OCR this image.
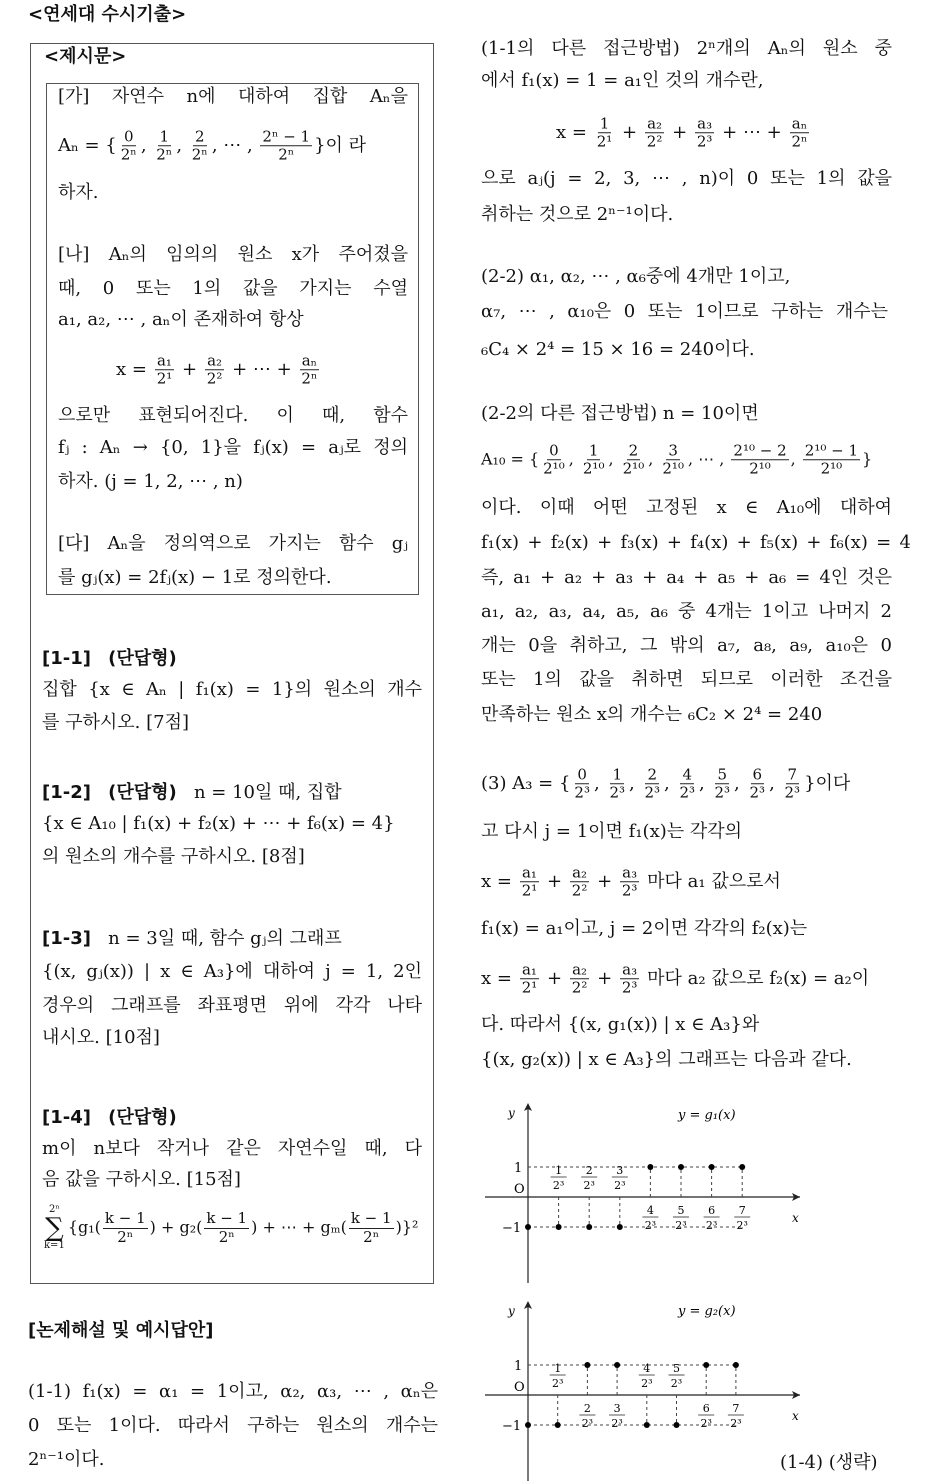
<연세대 수시기출>
<제시문>
[가] 자연수 n에 대하여 집합 Aₙ을
Aₙ = { $\frac{0}{\text{2ⁿ}}$ , $\frac{1}{\text{2ⁿ}}$ , $\frac{2}{\text{2ⁿ}}$ , ⋯ , $\frac{\text{2ⁿ − 1}}{\text{2ⁿ}}$ }이 라
하자.
[나] Aₙ의 임의의 원소 x가 주어졌을
때, 0 또는 1의 값을 가지는 수열
a₁, a₂, ⋯ , aₙ이 존재하여 항상
$x = \frac{\text{a₁}}{\text{2¹}} + \frac{\text{a₂}}{\text{2²}}$ + ⋯ + $\frac{\text{aₙ}}{\text{2ⁿ}}$
으로만 표현되어진다. 이 때, 함수
fⱼ : Aₙ → {0, 1}을 fⱼ(x) = aⱼ로 정의
하자. (j = 1, 2, ⋯ , n)
[다] Aₙ을 정의역으로 가지는 함수 gⱼ
를 gⱼ(x) = 2fⱼ(x) − 1로 정의한다.
[1-1] (단답형)
집합 {x ∈ Aₙ | f₁(x) = 1}의 원소의 개수
를 구하시오. [7점]
[1-2] (단답형) n = 10일 때, 집합
{x ∈ A₁₀ | f₁(x) + f₂(x) + ⋯ + f₆(x) = 4}
의 원소의 개수를 구하시오. [8점]
[1-3] n = 3일 때, 함수 gⱼ의 그래프
{(x, gⱼ(x)) | x ∈ A₃}에 대하여 j = 1, 2인
경우의 그래프를 좌표평면 위에 각각 나타
내시오. [10점]
[1-4] (단답형)
m이 n보다 작거나 같은 자연수일 때, 다
음 값을 구하시오. [15점]
2ⁿ
∑
k=1
{$g_1( \frac{k - 1}{\text{2ⁿ}}$ ) + $g_2( \frac{k - 1}{\text{2ⁿ}}$ ) + ⋯ + $g_m( \frac{k - 1}{\text{2ⁿ}} )\}^2$
[논제해설 및 예시답안]
(1-1) f₁(x) = α₁ = 1이고, α₂, α₃, ⋯ , αₙ은
0 또는 1이다. 따라서 구하는 원소의 개수는
2ⁿ⁻¹이다.
(1-1의 다른 접근방법) 2ⁿ개의 Aₙ의 원소 중
에서 f₁(x) = 1 = a₁인 것의 개수란,
$x = \frac{1}{\text{2¹}} + \frac{\text{a₂}}{\text{2²}} + \frac{\text{a₃}}{\text{2³}}$ + ⋯ + $\frac{\text{aₙ}}{\text{2ⁿ}}$
으로 aⱼ(j = 2, 3, ⋯ , n)이 0 또는 1의 값을
취하는 것으로 2ⁿ⁻¹이다.
(2-2) α₁, α₂, ⋯ , α₆중에 4개만 1이고,
α₇, ⋯ , α₁₀은 0 또는 1이므로 구하는 개수는
₆C₄ × 2⁴ = 15 × 16 = 240이다.
(2-2의 다른 접근방법) n = 10이면
A₁₀ = { $\frac{0}{\text{2¹⁰}}$ , $\frac{1}{\text{2¹⁰}}$ , $\frac{2}{\text{2¹⁰}}$ , $\frac{3}{\text{2¹⁰}}$ , ⋯ , $\frac{\text{2¹⁰ − 2}}{\text{2¹⁰}}$ , $\frac{\text{2¹⁰ − 1}}{\text{2¹⁰}}$ }
이다. 이때 어떤 고정된 x ∈ A₁₀에 대하여
f₁(x) + f₂(x) + f₃(x) + f₄(x) + f₅(x) + f₆(x) = 4
즉, a₁ + a₂ + a₃ + a₄ + a₅ + a₆ = 4인 것은
a₁, a₂, a₃, a₄, a₅, a₆ 중 4개는 1이고 나머지 2
개는 0을 취하고, 그 밖의 a₇, a₈, a₉, a₁₀은 0
또는 1의 값을 취하면 되므로 이러한 조건을
만족하는 원소 x의 개수는 ₆C₂ × 2⁴ = 240
(3) A₃ = { $\frac{0}{\text{2³}}$ , $\frac{1}{\text{2³}}$ , $\frac{2}{\text{2³}}$ , $\frac{4}{\text{2³}}$ , $\frac{5}{\text{2³}}$ , $\frac{6}{\text{2³}}$ , $\frac{7}{\text{2³}}$ }이다
고 다시 j = 1이면 f₁(x)는 각각의
$x = \frac{\text{a₁}}{\text{2¹}} + \frac{\text{a₂}}{\text{2²}} + \frac{\text{a₃}}{\text{2³}}$ 마다 a₁ 값으로서
f₁(x) = a₁이고, j = 2이면 각각의 f₂(x)는
$x = \frac{\text{a₁}}{\text{2¹}} + \frac{\text{a₂}}{\text{2²}} + \frac{\text{a₃}}{\text{2³}}$ 마다 a₂ 값으로 f₂(x) = a₂이
다. 따라서 {(x, g₁(x)) | x ∈ A₃}와
{(x, g₂(x)) | x ∈ A₃}의 그래프는 다음과 같다.
y
x
O
1
−1
y = g₁(x)
1
2³
2
2³
3
2³
4
2³
5
2³
6
2³
7
2³
y
x
O
1
−1
y = g₂(x)
1
2³
2
2³
3
2³
4
2³
5
2³
6
2³
7
2³
(1-4) (생략)
